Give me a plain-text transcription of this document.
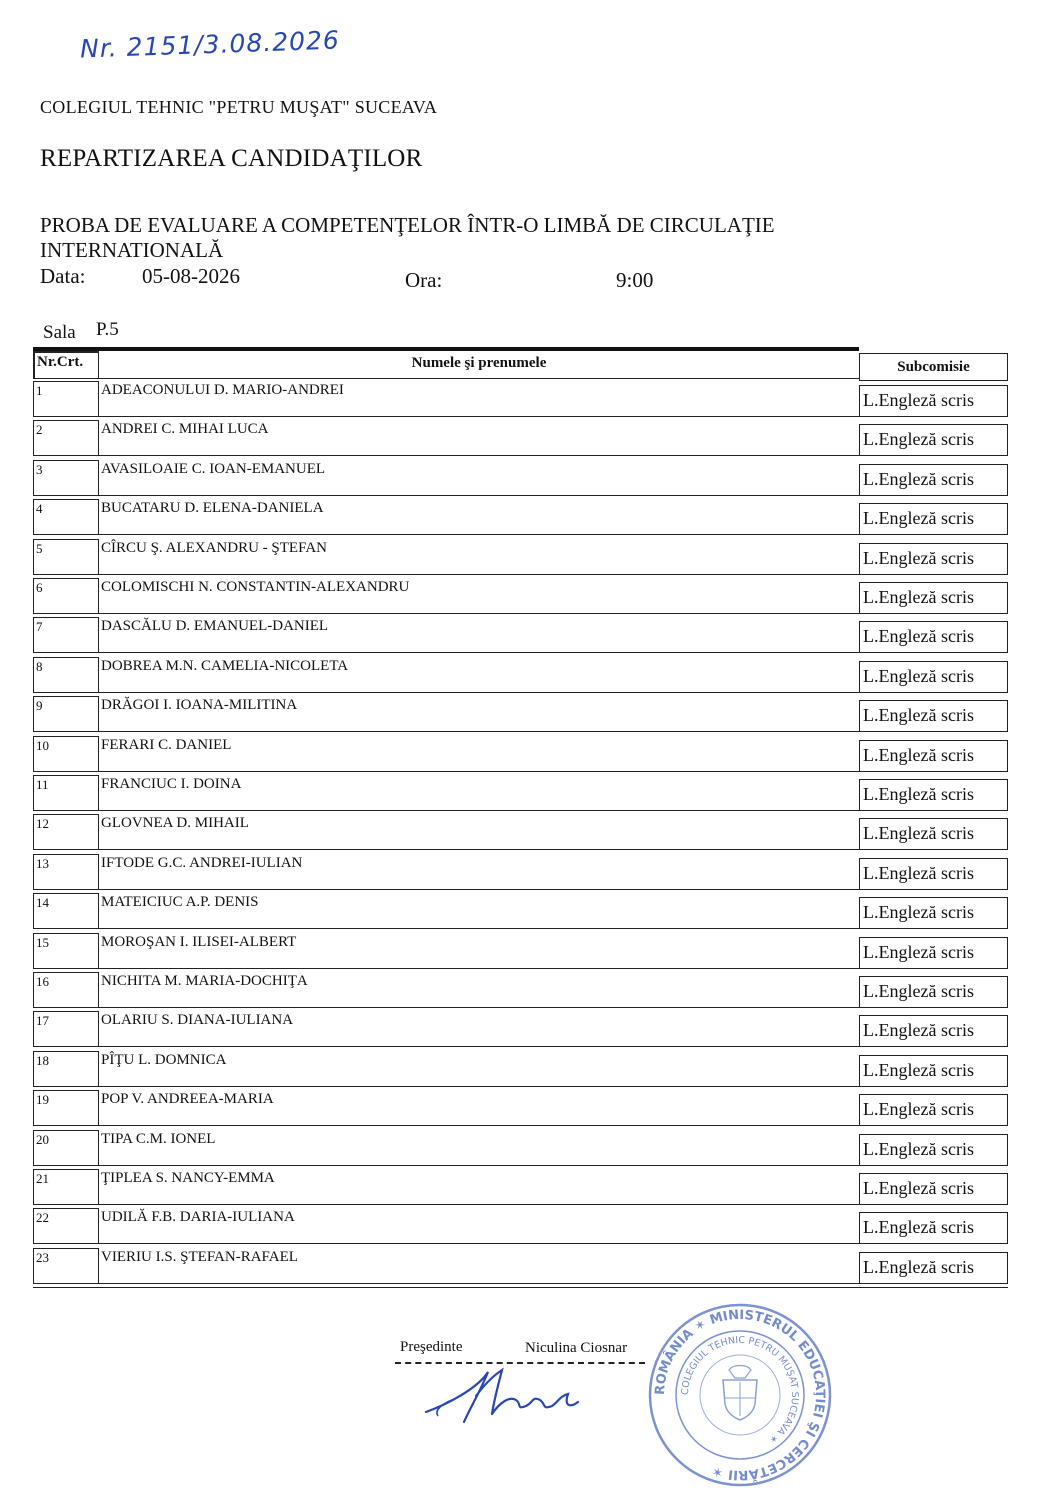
Nr. 2151/3.08.2026
COLEGIUL TEHNIC "PETRU MUŞAT" SUCEAVA
REPARTIZAREA CANDIDAŢILOR
PROBA DE EVALUARE A COMPETENŢELOR ÎNTR-O LIMBĂ DE CIRCULAŢIE INTERNATIONALĂ
Data:	05-08-2026	Ora:	9:00
Sala P.5
Nr.Crt.	Numele şi prenumele	Subcomisie
1	ADEACONULUI D. MARIO-ANDREI	L.Engleză scris
2	ANDREI C. MIHAI LUCA	L.Engleză scris
3	AVASILOAIE C. IOAN-EMANUEL	L.Engleză scris
4	BUCATARU D. ELENA-DANIELA	L.Engleză scris
5	CÎRCU Ş. ALEXANDRU - ŞTEFAN	L.Engleză scris
6	COLOMISCHI N. CONSTANTIN-ALEXANDRU	L.Engleză scris
7	DASCĂLU D. EMANUEL-DANIEL	L.Engleză scris
8	DOBREA M.N. CAMELIA-NICOLETA	L.Engleză scris
9	DRĂGOI I. IOANA-MILITINA	L.Engleză scris
10	FERARI C. DANIEL	L.Engleză scris
11	FRANCIUC I. DOINA	L.Engleză scris
12	GLOVNEA D. MIHAIL	L.Engleză scris
13	IFTODE G.C. ANDREI-IULIAN	L.Engleză scris
14	MATEICIUC A.P. DENIS	L.Engleză scris
15	MOROŞAN I. ILISEI-ALBERT	L.Engleză scris
16	NICHITA M. MARIA-DOCHIŢA	L.Engleză scris
17	OLARIU S. DIANA-IULIANA	L.Engleză scris
18	PÎŢU L. DOMNICA	L.Engleză scris
19	POP V. ANDREEA-MARIA	L.Engleză scris
20	TIPA C.M. IONEL	L.Engleză scris
21	ŢIPLEA S. NANCY-EMMA	L.Engleză scris
22	UDILĂ F.B. DARIA-IULIANA	L.Engleză scris
23	VIERIU I.S. ŞTEFAN-RAFAEL	L.Engleză scris
Preşedinte	Niculina Ciosnar
ROMÂNIA ✶ MINISTERUL EDUCAŢIEI ŞI CERCETĂRII ✶
COLEGIUL TEHNIC PETRU MUŞAT SUCEAVA ✶
